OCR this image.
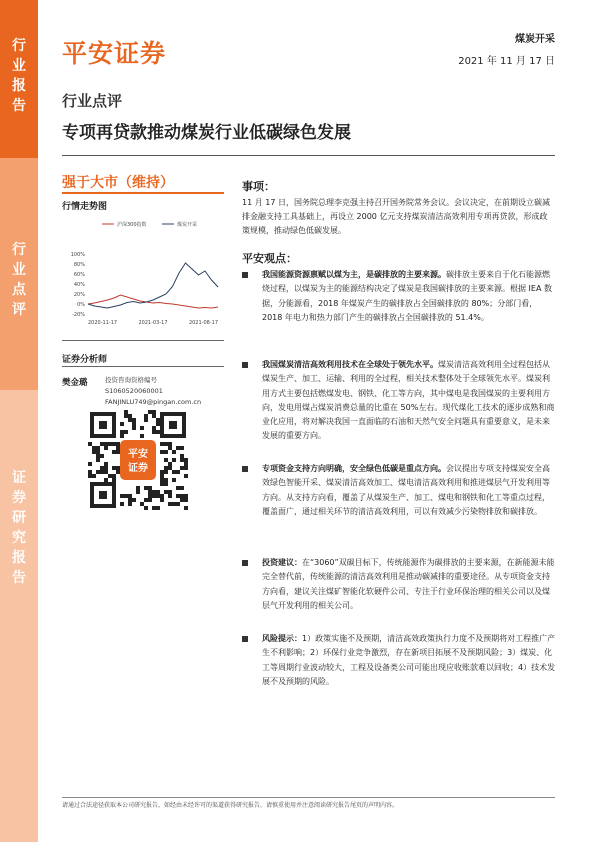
行
业
报
告
行
业
点
评
证
券
研
究
报
告
平安证券	煤炭开采
2021 年 11 月 17 日
行业点评
专项再贷款推动煤炭行业低碳绿色发展
强于大市（维持）
行情走势图
沪深300指数	煤炭开采
100%
80%
60%
40%
20%
0%
-20%
2020-11-17	2021-03-17	2021-08-17
证券分析师
樊金璐	投资咨询资格编号
S1060520060001
FANJINLU749@pingan.com.cn
平安
证券
事项：
11 月 17 日，国务院总理李克强主持召开国务院常务会议。会议决定，在前期设立碳减排金融支持工具基础上，再设立 2000 亿元支持煤炭清洁高效利用专项再贷款，形成政策规模，推动绿色低碳发展。
平安观点：
我国能源资源禀赋以煤为主，是碳排放的主要来源。碳排放主要来自于化石能源燃烧过程，以煤炭为主的能源结构决定了煤炭是我国碳排放的主要来源。根据 IEA 数据，分能源看，2018 年煤炭产生的碳排放占全国碳排放的 80%；分部门看，2018 年电力和热力部门产生的碳排放占全国碳排放的 51.4%。
我国煤炭清洁高效利用技术在全球处于领先水平。煤炭清洁高效利用全过程包括从煤炭生产、加工、运输、利用的全过程，相关技术整体处于全球领先水平。煤炭利用方式主要包括燃煤发电、钢铁、化工等方向，其中煤电是我国煤炭的主要利用方向，发电用煤占煤炭消费总量的比重在 50%左右。现代煤化工技术的逐步成熟和商业化应用，将对解决我国一直面临的石油和天然气安全问题具有重要意义，是未来发展的重要方向。
专项资金支持方向明确，安全绿色低碳是重点方向。会议提出专项支持煤炭安全高效绿色智能开采、煤炭清洁高效加工、煤电清洁高效利用和推进煤层气开发利用等方向。从支持方向看，覆盖了从煤炭生产、加工、煤电和钢铁和化工等重点过程，覆盖面广，通过相关环节的清洁高效利用，可以有效减少污染物排放和碳排放。
投资建议：在“3060”双碳目标下，传统能源作为碳排放的主要来源，在新能源未能完全替代前，传统能源的清洁高效利用是推动碳减排的重要途径。从专项资金支持方向看，建议关注煤矿智能化软硬件公司、专注于行业环保治理的相关公司以及煤层气开发利用的相关公司。
风险提示：1）政策实施不及预期，清洁高效政策执行力度不及预期将对工程推广产生不利影响；2）环保行业竞争激烈，存在新项目拓展不及预期风险；3）煤炭、化工等周期行业波动较大，工程及设备类公司可能出现应收账款难以回收；4）技术发展不及预期的风险。
请通过合法途径获取本公司研究报告，如经由未经许可的渠道获得研究报告，请慎重使用并注意阅读研究报告尾页的声明内容。
